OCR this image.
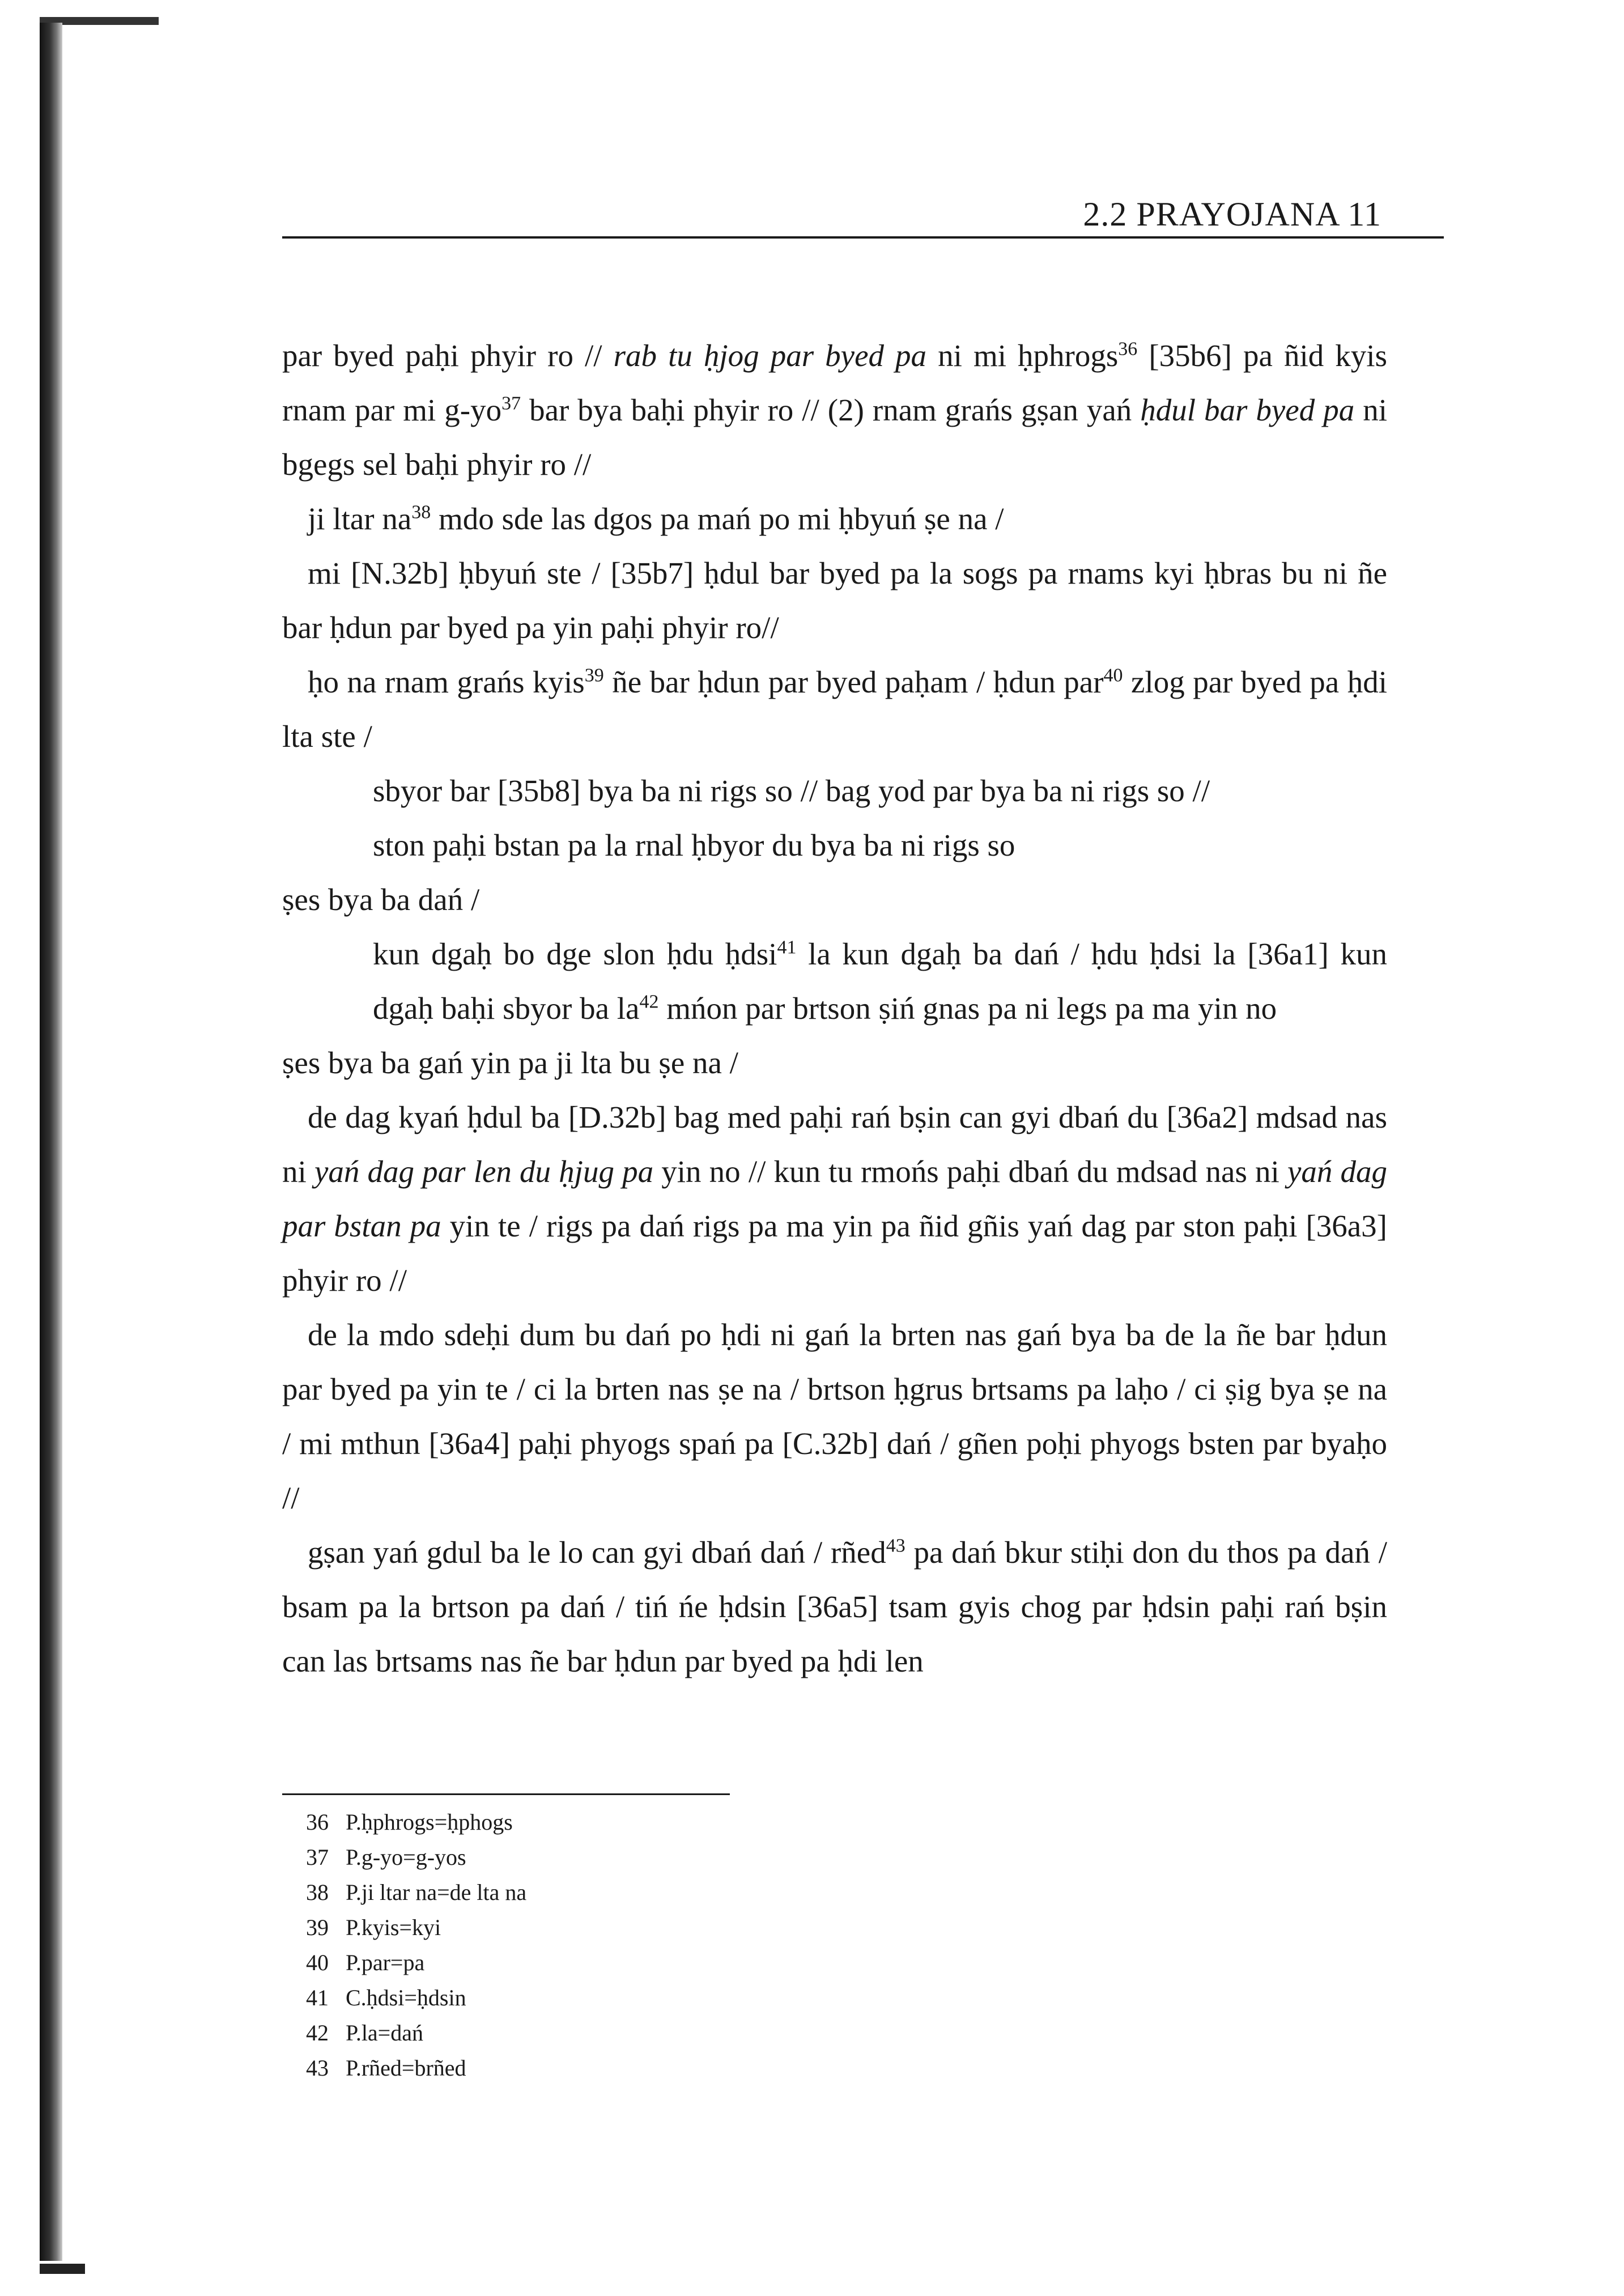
2.2 PRAYOJANA 11

par byed paḥi phyir ro // rab tu ḥjog par byed pa ni mi ḥphrogs$^{36}$ [35b6] pa ñid kyis rnam par mi $g-yo^{37}$ bar bya baḥi phyir ro // (2) rnam grańs gṣan yań ḥdul bar byed pa ni bgegs sel baḥi phyir ro //

ji ltar $na^{38}$ mdo sde las dgos pa mań po mi ḥbyuń ṣe na /

mi [N.32b] ḥbyuń ste / [35b7] ḥdul bar byed pa la sogs pa rnams kyi ḥbras bu ni ñe bar ḥdun par byed pa yin paḥi phyir ro//

ḥo na rnam grańs kyis$^{39}$ ñe bar ḥdun par byed paḥam / ḥdun par$^{40}$ zlog par byed pa ḥdi lta ste /

sbyor bar [35b8] bya ba ni rigs so // bag yod par bya ba ni rigs so //
ston paḥi bstan pa la rnal ḥbyor du bya ba ni rigs so

ṣes bya ba dań /

kun dgaḥ bo dge slon ḥdu ḥdsi$^{41}$ la kun dgaḥ ba dań / ḥdu ḥdsi la [36a1] kun dgaḥ baḥi sbyor ba $la^{42}$ mńon par brtson ṣiń gnas pa ni legs pa ma yin no

ṣes bya ba gań yin pa ji lta bu ṣe na /

de dag kyań ḥdul ba [D.32b] bag med paḥi rań bṣin can gyi dbań du [36a2] mdsad nas ni yań dag par len du ḥjug pa yin no // kun tu rmońs paḥi dbań du mdsad nas ni yań dag par bstan pa yin te / rigs pa dań rigs pa ma yin pa ñid gñis yań dag par ston paḥi [36a3] phyir ro //

de la mdo sdeḥi dum bu dań po ḥdi ni gań la brten nas gań bya ba de la ñe bar ḥdun par byed pa yin te / ci la brten nas ṣe na / brtson ḥgrus brtsams pa laḥo / ci ṣig bya ṣe na / mi mthun [36a4] paḥi phyogs spań pa [C.32b] dań / gñen poḥi phyogs bsten par byaḥo //

gṣan yań gdul ba le lo can gyi dbań dań / rñed$^{43}$ pa dań bkur stiḥi don du thos pa dań / bsam pa la brtson pa dań / tiń ńe ḥdsin [36a5] tsam gyis chog par ḥdsin paḥi rań bṣin can las brtsams nas ñe bar ḥdun par byed pa ḥdi len

36 P.ḥphrogs=ḥphogs
37 P.g-yo=g-yos
38 P.ji ltar na=de lta na
39 P.kyis=kyi
40 P.par=pa
41 C.ḥdsi=ḥdsin
42 P.la=dań
43 P.rñed=brñed
